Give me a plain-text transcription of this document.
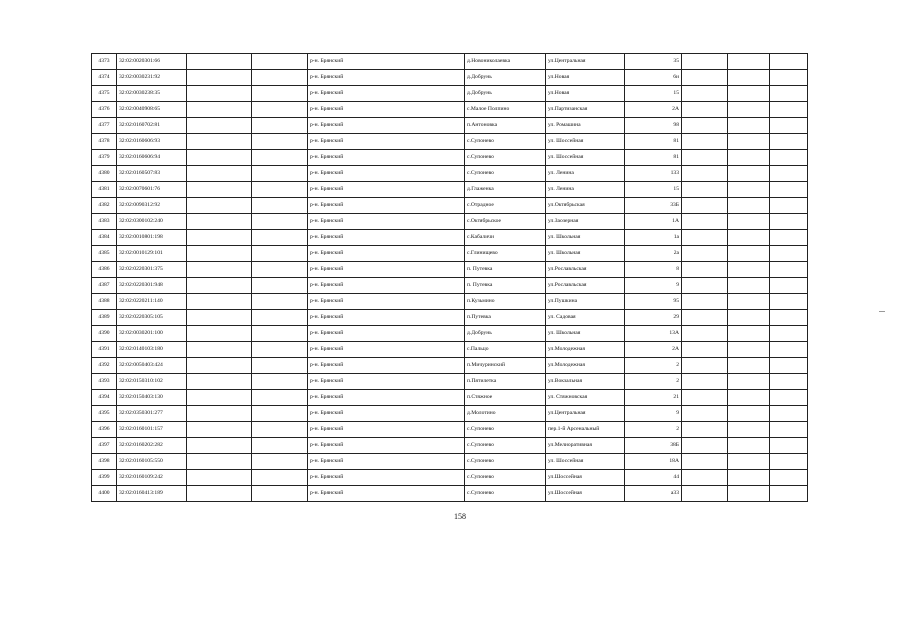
4373	32:02:0020301:66			р-н. Брянский	д.Новониколаевка	ул.Центральная	35			
4374	32:02:0030231:92			р-н. Брянский	д.Добрунь	ул.Новая	6и			
4375	32:02:0030238:35			р-н. Брянский	д.Добрунь	ул.Новая	15			
4376	32:02:0040908:65			р-н. Брянский	с.Малое Полпино	ул.Партизанская	2А			
4377	32:02:0160702:81			р-н. Брянский	п.Антоновка	ул. Ромашина	98			
4378	32:02:0160606:93			р-н. Брянский	с.Супонево	ул. Шоссейная	81			
4379	32:02:0160606:94			р-н. Брянский	с.Супонево	ул. Шоссейная	81			
4380	32:02:0160507:83			р-н. Брянский	с.Супонево	ул. Ленина	133			
4381	32:02:0070601:76			р-н. Брянский	д.Глаженка	ул. Ленина	15			
4382	32:02:0090312:92			р-н. Брянский	с.Отрадное	ул.Октябрьская	33Б			
4383	32:02:0300102:240			р-н. Брянский	с.Октябрьское	ул.Заозерная	1А			
4384	32:02:0010801:198			р-н. Брянский	с.Кабаличи	ул. Школьная	1а			
4385	32:02:0010129:101			р-н. Брянский	с.Глинищево	ул. Школьная	2а			
4386	32:02:0220301:375			р-н. Брянский	п. Путевка	ул.Рославльская	8			
4387	32:02:0220301:948			р-н. Брянский	п. Путевка	ул.Рославльская	9			
4388	32:02:0220211:140			р-н. Брянский	п.Кузьмино	ул.Пушкина	95			
4389	32:02:0220305:105			р-н. Брянский	п.Путевка	ул. Садовая	29			
4390	32:02:0030201:100			р-н. Брянский	д.Добрунь	ул. Школьная	13А			
4391	32:02:0140103:180			р-н. Брянский	с.Пальцо	ул.Молодежная	2А			
4392	32:02:0050403:424			р-н. Брянский	п.Мичуринский	ул.Молодежная	2			
4393	32:02:0150310:102			р-н. Брянский	п.Пятилетка	ул.Вокзальная	2			
4394	32:02:0150403:130			р-н. Брянский	п.Стяжное	ул. Стяжновская	21			
4395	32:02:0350301:277			р-н. Брянский	д.Молотино	ул.Центральная	9			
4396	32:02:0160101:157			р-н. Брянский	с.Супонево	пер.1-й Арсенальный	2			
4397	32:02:0160202:282			р-н. Брянский	с.Супонево	ул.Мелиоративная	38Б			
4398	32:02:0160105:550			р-н. Брянский	с.Супонево	ул. Шоссейная	18А			
4399	32:02:0160109:242			р-н. Брянский	с.Супонево	ул.Шоссейная	44			
4400	32:02:0160413:189			р-н. Брянский	с.Супонево	ул.Шоссейная	а33			
158
